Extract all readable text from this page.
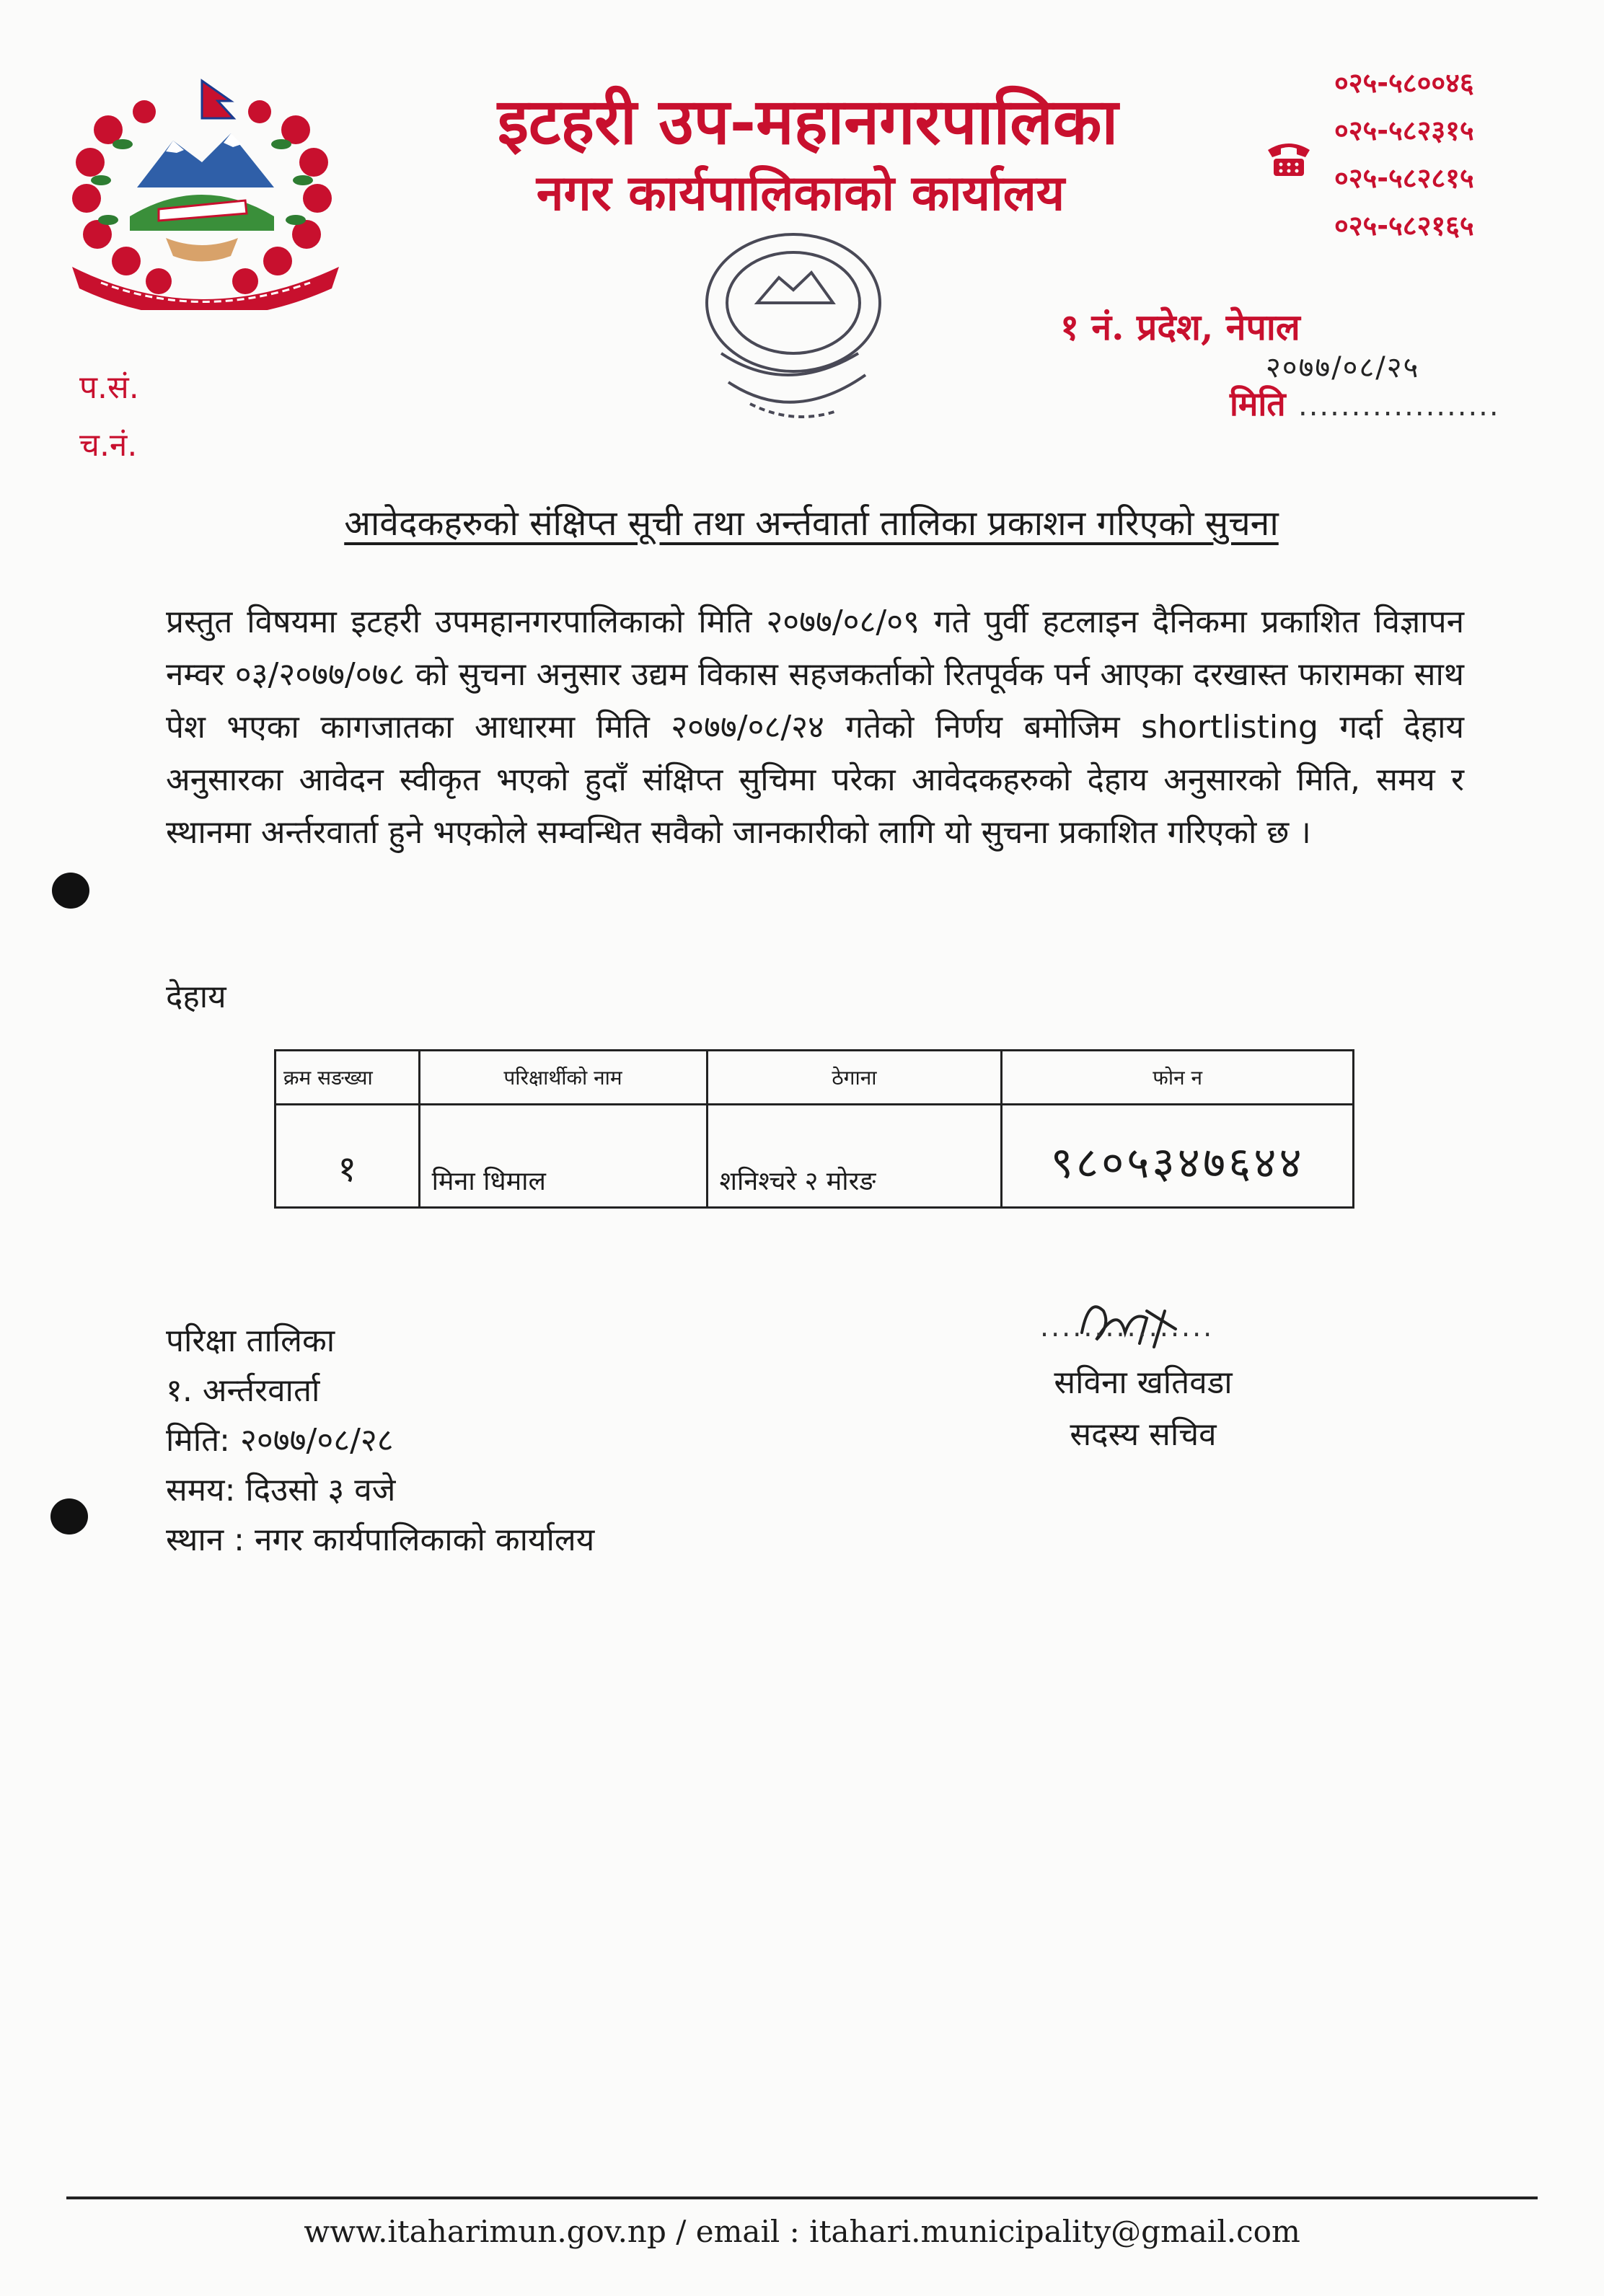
इटहरी उप-महानगरपालिका
नगर कार्यपालिकाको कार्यालय
०२५-५८००४६
०२५-५८२३१५
०२५-५८२८१५
०२५-५८२१६५
१ नं. प्रदेश, नेपाल
२०७७/०८/२५
मिति ...................
प.सं.
च.नं.
आवेदकहरुको संक्षिप्त सूची तथा अर्न्तवार्ता तालिका प्रकाशन गरिएको सुचना
प्रस्तुत विषयमा इटहरी उपमहानगरपालिकाको मिति २०७७/०८/०९ गते पुर्वी हटलाइन दैनिकमा प्रकाशित विज्ञापन नम्वर ०३/२०७७/०७८ को सुचना अनुसार उद्यम विकास सहजकर्ताको रितपूर्वक पर्न आएका दरखास्त फारामका साथ पेश भएका कागजातका आधारमा मिति २०७७/०८/२४ गतेको निर्णय बमोजिम shortlisting गर्दा देहाय अनुसारका आवेदन स्वीकृत भएको हुदाँ संक्षिप्त सुचिमा परेका आवेदकहरुको देहाय अनुसारको मिति, समय र स्थानमा अर्न्तरवार्ता हुने भएकोले सम्वन्धित सवैको जानकारीको लागि यो सुचना प्रकाशित गरिएको छ ।
देहाय
क्रम सङख्या	परिक्षार्थीको नाम	ठेगाना	फोन न
१	मिना धिमाल	शनिश्चरे २ मोरङ	९८०५३४७६४४
परिक्षा तालिका
१. अर्न्तरवार्ता
मिति: २०७७/०८/२८
समय: दिउसो ३ वजे
स्थान : नगर कार्यपालिकाको कार्यालय
................
सविना खतिवडा
सदस्य सचिव
www.itaharimun.gov.np / email : itahari.municipality@gmail.com
